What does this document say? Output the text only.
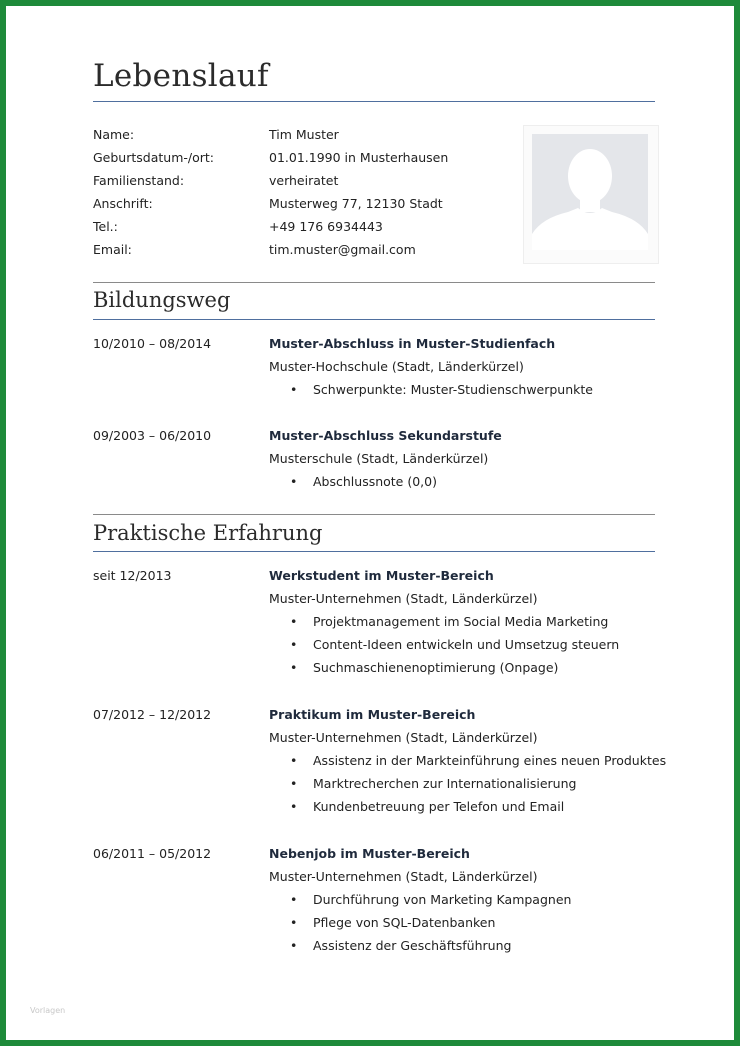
Lebenslauf
Name:	Tim Muster
Geburtsdatum-/ort:	01.01.1990 in Musterhausen
Familienstand:	verheiratet
Anschrift:	Musterweg 77, 12130 Stadt
Tel.:	+49 176 6934443
Email:	tim.muster@gmail.com
Bildungsweg
10/2010 – 08/2014	Muster-Abschluss in Muster-Studienfach
Muster-Hochschule (Stadt, Länderkürzel)
• Schwerpunkte: Muster-Studienschwerpunkte
09/2003 – 06/2010	Muster-Abschluss Sekundarstufe
Musterschule (Stadt, Länderkürzel)
• Abschlussnote (0,0)
Praktische Erfahrung
seit 12/2013	Werkstudent im Muster-Bereich
Muster-Unternehmen (Stadt, Länderkürzel)
• Projektmanagement im Social Media Marketing
• Content-Ideen entwickeln und Umsetzug steuern
• Suchmaschienenoptimierung (Onpage)
07/2012 – 12/2012	Praktikum im Muster-Bereich
Muster-Unternehmen (Stadt, Länderkürzel)
• Assistenz in der Markteinführung eines neuen Produktes
• Marktrecherchen zur Internationalisierung
• Kundenbetreuung per Telefon und Email
06/2011 – 05/2012	Nebenjob im Muster-Bereich
Muster-Unternehmen (Stadt, Länderkürzel)
• Durchführung von Marketing Kampagnen
• Pflege von SQL-Datenbanken
• Assistenz der Geschäftsführung
Vorlagen
